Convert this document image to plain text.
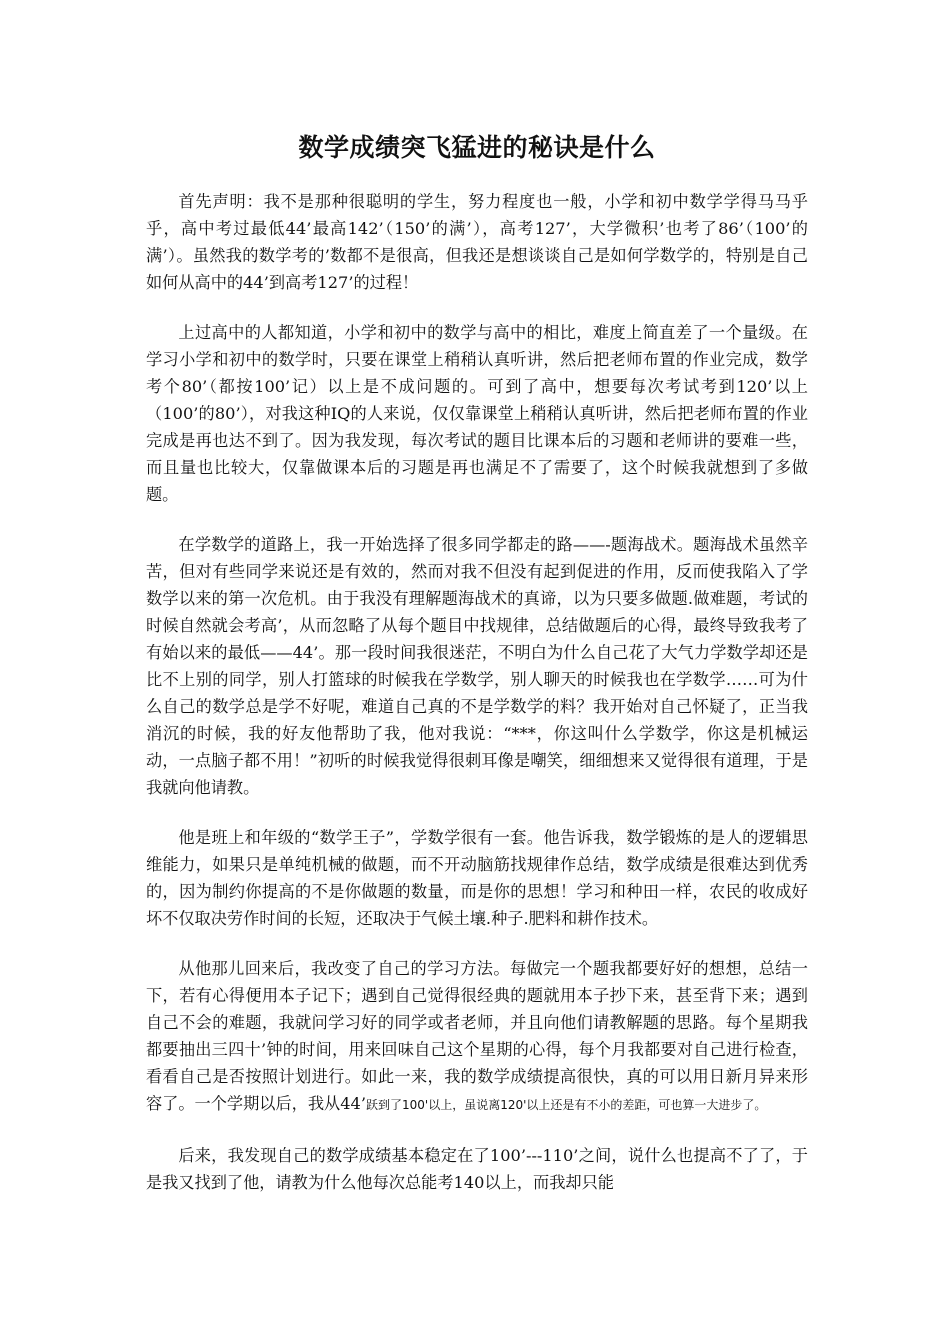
数学成绩突飞猛进的秘诀是什么

首先声明：我不是那种很聪明的学生，努力程度也一般，小学和初中数学学得马马乎乎，高中考过最低44’最高142’（150’的满’），高考127’，大学微积’也考了86’（100’的满’）。虽然我的数学考的’数都不是很高，但我还是想谈谈自己是如何学数学的，特别是自己如何从高中的44’到高考127’的过程！

上过高中的人都知道，小学和初中的数学与高中的相比，难度上简直差了一个量级。在学习小学和初中的数学时，只要在课堂上稍稍认真听讲，然后把老师布置的作业完成，数学考个80’（都按100’记）以上是不成问题的。可到了高中，想要每次考试考到120’以上（100’的80’），对我这种IQ的人来说，仅仅靠课堂上稍稍认真听讲，然后把老师布置的作业完成是再也达不到了。因为我发现，每次考试的题目比课本后的习题和老师讲的要难一些，而且量也比较大，仅靠做课本后的习题是再也满足不了需要了，这个时候我就想到了多做题。

在学数学的道路上，我一开始选择了很多同学都走的路——-题海战术。题海战术虽然辛苦，但对有些同学来说还是有效的，然而对我不但没有起到促进的作用，反而使我陷入了学数学以来的第一次危机。由于我没有理解题海战术的真谛，以为只要多做题.做难题，考试的时候自然就会考高’，从而忽略了从每个题目中找规律，总结做题后的心得，最终导致我考了有始以来的最低——44’。那一段时间我很迷茫，不明白为什么自己花了大气力学数学却还是比不上别的同学，别人打篮球的时候我在学数学，别人聊天的时候我也在学数学……可为什么自己的数学总是学不好呢，难道自己真的不是学数学的料？我开始对自己怀疑了，正当我消沉的时候，我的好友他帮助了我，他对我说：“***，你这叫什么学数学，你这是机械运动，一点脑子都不用！”初听的时候我觉得很刺耳像是嘲笑，细细想来又觉得很有道理，于是我就向他请教。

他是班上和年级的“数学王子”，学数学很有一套。他告诉我，数学锻炼的是人的逻辑思维能力，如果只是单纯机械的做题，而不开动脑筋找规律作总结，数学成绩是很难达到优秀的，因为制约你提高的不是你做题的数量，而是你的思想！学习和种田一样，农民的收成好坏不仅取决劳作时间的长短，还取决于气候土壤.种子.肥料和耕作技术。

从他那儿回来后，我改变了自己的学习方法。每做完一个题我都要好好的想想，总结一下，若有心得便用本子记下；遇到自己觉得很经典的题就用本子抄下来，甚至背下来；遇到自己不会的难题，我就问学习好的同学或者老师，并且向他们请教解题的思路。每个星期我都要抽出三四十’钟的时间，用来回味自己这个星期的心得，每个月我都要对自己进行检查，看看自己是否按照计划进行。如此一来，我的数学成绩提高很快，真的可以用日新月异来形容了。一个学期以后，我从44’跃到了100'以上，虽说离120'以上还是有不小的差距，可也算一大进步了。

后来，我发现自己的数学成绩基本稳定在了100’---110’之间，说什么也提高不了了，于是我又找到了他，请教为什么他每次总能考140以上，而我却只能
